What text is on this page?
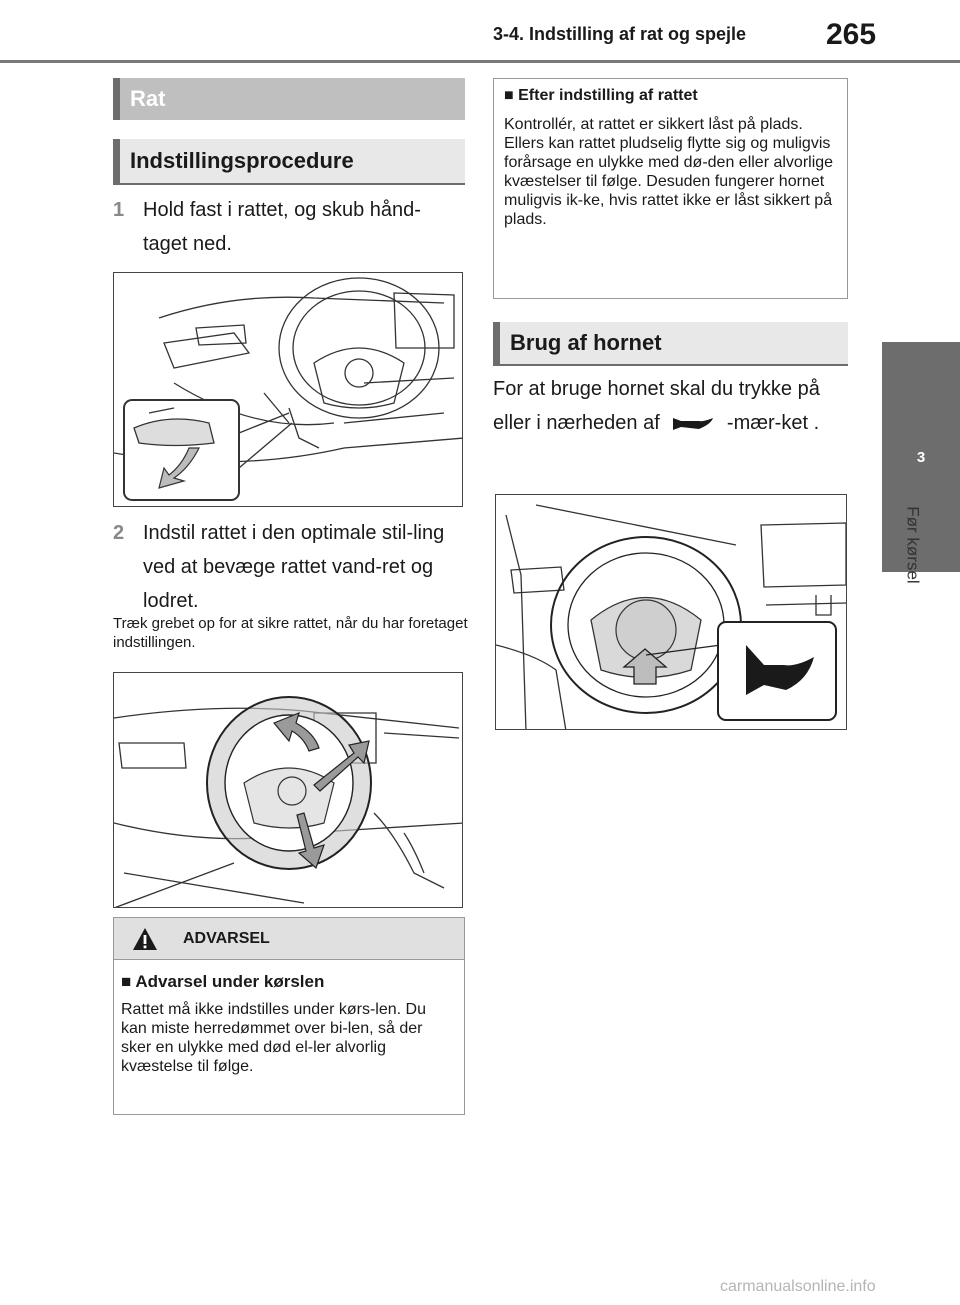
3-4. Indstilling af rat og spejle	265
3
Før kørsel
Rat
Indstillingsprocedure
1 Hold fast i rattet, og skub hånd-taget ned.
2 Indstil rattet i den optimale stil-ling ved at bevæge rattet vand-ret og lodret.
Træk grebet op for at sikre rattet, når du har foretaget indstillingen.
ADVARSEL
■ Advarsel under kørslen
Rattet må ikke indstilles under kørs-len. Du kan miste herredømmet over bi-len, så der sker en ulykke med død el-ler alvorlig kvæstelse til følge.
■ Efter indstilling af rattet
Kontrollér, at rattet er sikkert låst på plads. Ellers kan rattet pludselig flytte sig og muligvis forårsage en ulykke med dø-den eller alvorlige kvæstelser til følge. Desuden fungerer hornet muligvis ik-ke, hvis rattet ikke er låst sikkert på plads.
Brug af hornet
For at bruge hornet skal du trykke på eller i nærheden af	-mær-ket .
carmanualsonline.info
